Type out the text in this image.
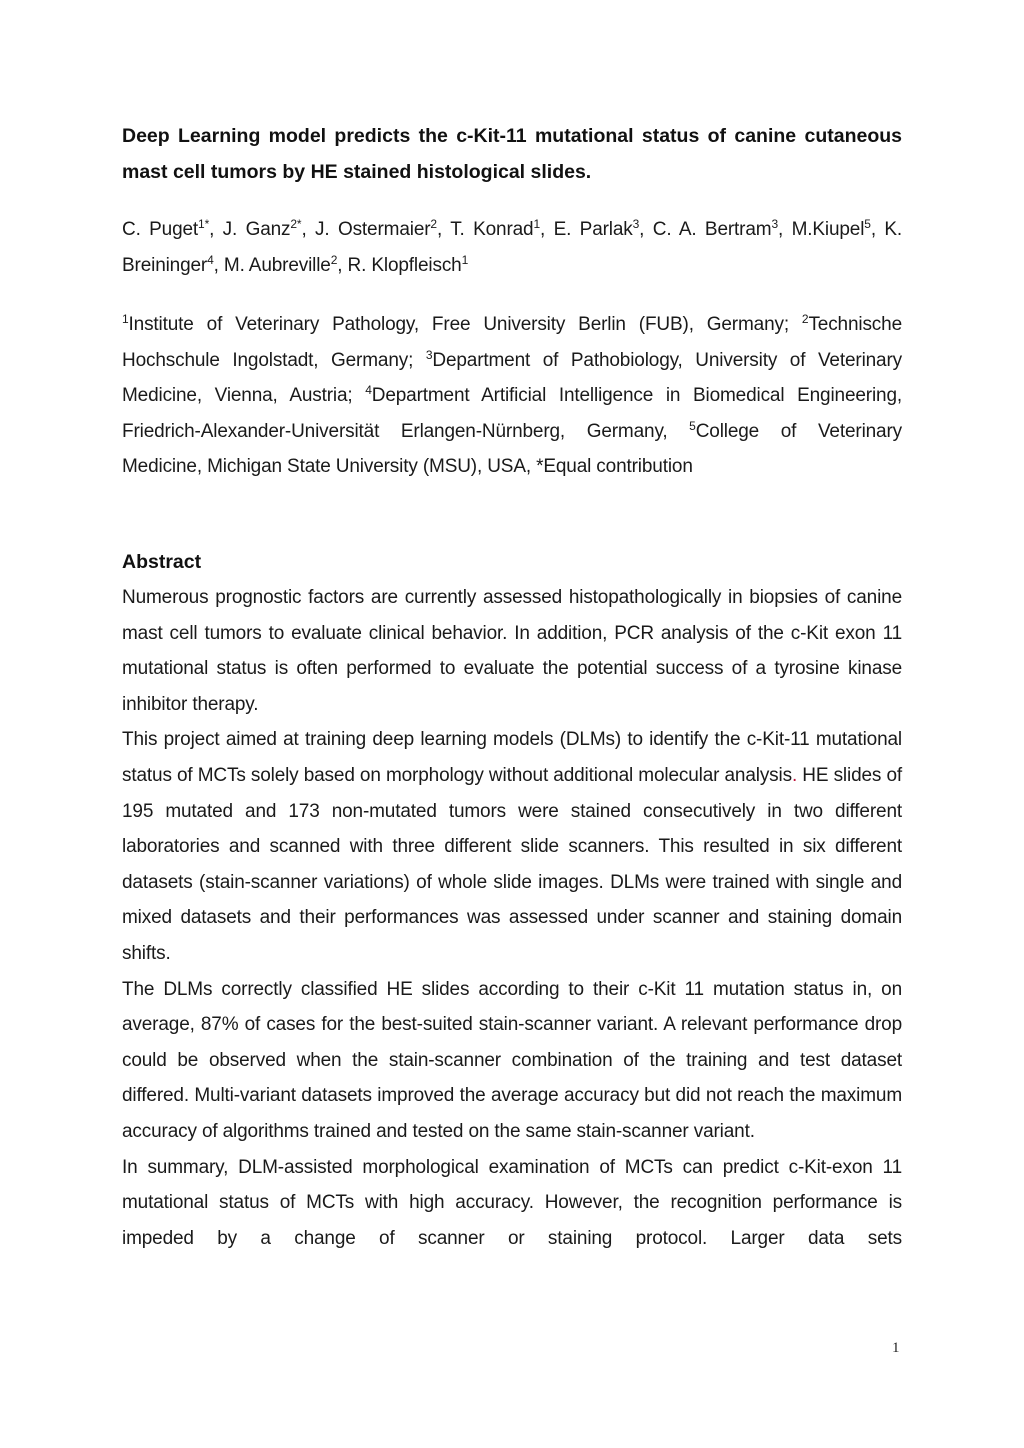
Deep Learning model predicts the c-Kit-11 mutational status of canine cutaneous mast cell tumors by HE stained histological slides.

C. Puget$^{1*}$, J. Ganz$^{2*}$, J. Ostermaier$^2$, T. Konrad$^1$, E. Parlak$^3$, C. A. Bertram$^3$, M.Kiupel$^5$, K. Breininger$^4$, M. Aubreville$^2$, R. Klopfleisch$^1$

$^1$Institute of Veterinary Pathology, Free University Berlin (FUB), Germany; $^2$Technische Hochschule Ingolstadt, Germany; $^3$Department of Pathobiology, University of Veterinary Medicine, Vienna, Austria; $^4$Department Artificial Intelligence in Biomedical Engineering, Friedrich-Alexander-Universität Erlangen-Nürnberg, Germany, $^5$College of Veterinary Medicine, Michigan State University (MSU), USA, *Equal contribution

Abstract

Numerous prognostic factors are currently assessed histopathologically in biopsies of canine mast cell tumors to evaluate clinical behavior. In addition, PCR analysis of the c-Kit exon 11 mutational status is often performed to evaluate the potential success of a tyrosine kinase inhibitor therapy.

This project aimed at training deep learning models (DLMs) to identify the c-Kit-11 mutational status of MCTs solely based on morphology without additional molecular analysis. HE slides of 195 mutated and 173 non-mutated tumors were stained consecutively in two different laboratories and scanned with three different slide scanners. This resulted in six different datasets (stain-scanner variations) of whole slide images. DLMs were trained with single and mixed datasets and their performances was assessed under scanner and staining domain shifts.

The DLMs correctly classified HE slides according to their c-Kit 11 mutation status in, on average, 87% of cases for the best-suited stain-scanner variant. A relevant performance drop could be observed when the stain-scanner combination of the training and test dataset differed. Multi-variant datasets improved the average accuracy but did not reach the maximum accuracy of algorithms trained and tested on the same stain-scanner variant.

In summary, DLM-assisted morphological examination of MCTs can predict c-Kit-exon 11 mutational status of MCTs with high accuracy. However, the recognition performance is impeded by a change of scanner or staining protocol. Larger data sets

1
